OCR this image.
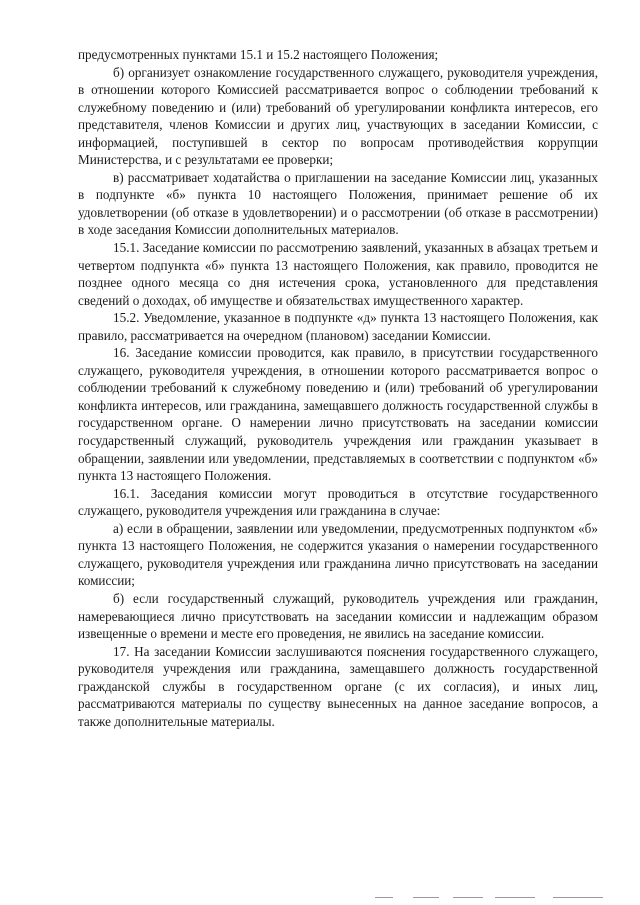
предусмотренных пунктами 15.1 и 15.2 настоящего Положения;

б) организует ознакомление государственного служащего, руководителя учреждения, в отношении которого Комиссией рассматривается вопрос о соблюдении требований к служебному поведению и (или) требований об урегулировании конфликта интересов, его представителя, членов Комиссии и других лиц, участвующих в заседании Комиссии, с информацией, поступившей в сектор по вопросам противодействия коррупции Министерства, и с результатами ее проверки;

в) рассматривает ходатайства о приглашении на заседание Комиссии лиц, указанных в подпункте «б» пункта 10 настоящего Положения, принимает решение об их удовлетворении (об отказе в удовлетворении) и о рассмотрении (об отказе в рассмотрении) в ходе заседания Комиссии дополнительных материалов.

15.1. Заседание комиссии по рассмотрению заявлений, указанных в абзацах третьем и четвертом подпункта «б» пункта 13 настоящего Положения, как правило, проводится не позднее одного месяца со дня истечения срока, установленного для представления сведений о доходах, об имуществе и обязательствах имущественного характер.

15.2. Уведомление, указанное в подпункте «д» пункта 13 настоящего Положения, как правило, рассматривается на очередном (плановом) заседании Комиссии.

16. Заседание комиссии проводится, как правило, в присутствии государственного служащего, руководителя учреждения, в отношении которого рассматривается вопрос о соблюдении требований к служебному поведению и (или) требований об урегулировании конфликта интересов, или гражданина, замещавшего должность государственной службы в государственном органе. О намерении лично присутствовать на заседании комиссии государственный служащий, руководитель учреждения или гражданин указывает в обращении, заявлении или уведомлении, представляемых в соответствии с подпунктом «б» пункта 13 настоящего Положения.

16.1. Заседания комиссии могут проводиться в отсутствие государственного служащего, руководителя учреждения или гражданина в случае:

а) если в обращении, заявлении или уведомлении, предусмотренных подпунктом «б» пункта 13 настоящего Положения, не содержится указания о намерении государственного служащего, руководителя учреждения или гражданина лично присутствовать на заседании комиссии;

б) если государственный служащий, руководитель учреждения или гражданин, намеревающиеся лично присутствовать на заседании комиссии и надлежащим образом извещенные о времени и месте его проведения, не явились на заседание комиссии.

17. На заседании Комиссии заслушиваются пояснения государственного служащего, руководителя учреждения или гражданина, замещавшего должность государственной гражданской службы в государственном органе (с их согласия), и иных лиц, рассматриваются материалы по существу вынесенных на данное заседание вопросов, а также дополнительные материалы.
